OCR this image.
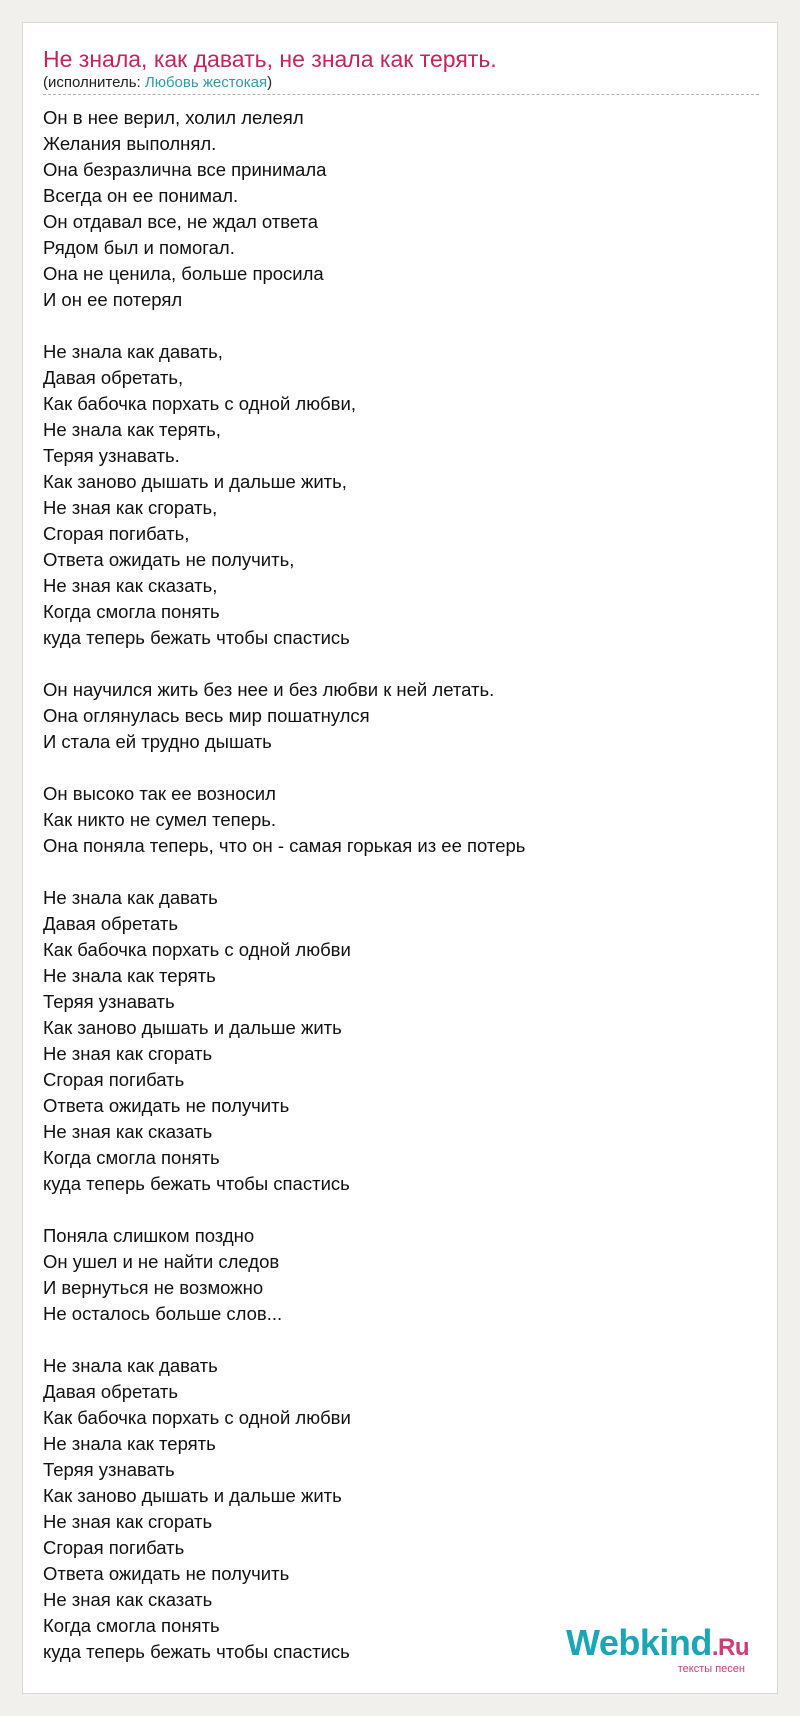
Не знала, как давать, не знала как терять.
(исполнитель: Любовь жестокая)
Он в нее верил, холил лелеял
Желания выполнял.
Она безразлична все принимала
Всегда он ее понимал.
Он отдавал все, не ждал ответа
Рядом был и помогал.
Она не ценила, больше просила
И он ее потерял
Не знала как давать,
Давая обретать,
Как бабочка порхать с одной любви,
Не знала как терять,
Теряя узнавать.
Как заново дышать и дальше жить,
Не зная как сгорать,
Сгорая погибать,
Ответа ожидать не получить,
Не зная как сказать,
Когда смогла понять
куда теперь бежать чтобы спастись
Он научился жить без нее и без любви к ней летать.
Она оглянулась весь мир пошатнулся
И стала ей трудно дышать
Он высоко так ее возносил
Как никто не сумел теперь.
Она поняла теперь, что он - самая горькая из ее потерь
Не знала как давать
Давая обретать
Как бабочка порхать с одной любви
Не знала как терять
Теряя узнавать
Как заново дышать и дальше жить
Не зная как сгорать
Сгорая погибать
Ответа ожидать не получить
Не зная как сказать
Когда смогла понять
куда теперь бежать чтобы спастись
Поняла слишком поздно
Он ушел и не найти следов
И вернуться не возможно
Не осталось больше слов...
Не знала как давать
Давая обретать
Как бабочка порхать с одной любви
Не знала как терять
Теряя узнавать
Как заново дышать и дальше жить
Не зная как сгорать
Сгорая погибать
Ответа ожидать не получить
Не зная как сказать
Когда смогла понять
куда теперь бежать чтобы спастись	Webkind.Ru
тексты песен
